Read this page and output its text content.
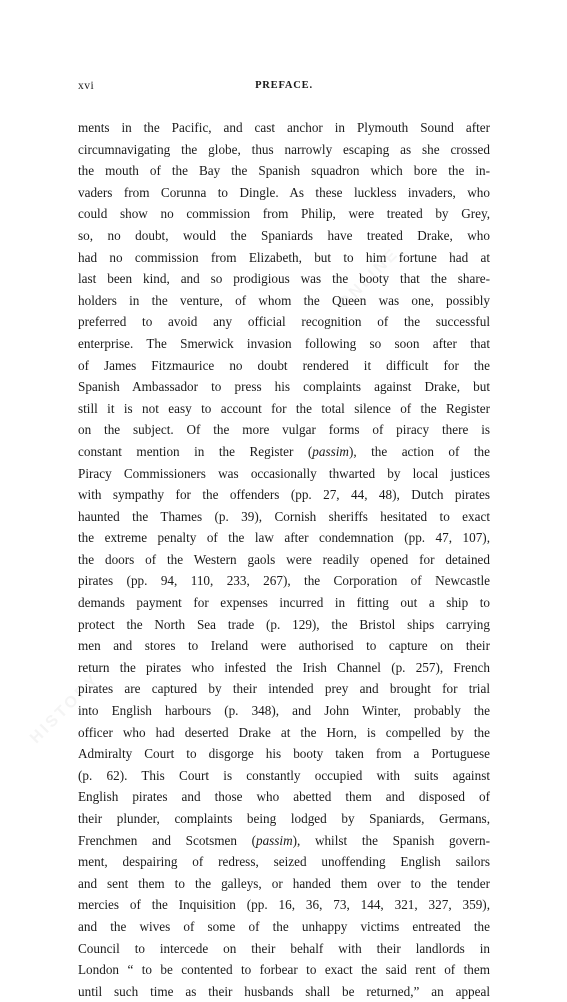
ONLINE
HISTORY
xvi	PREFACE.
ments in the Pacific, and cast anchor in Plymouth Sound after
circumnavigating the globe, thus narrowly escaping as she crossed
the mouth of the Bay the Spanish squadron which bore the in-
vaders from Corunna to Dingle. As these luckless invaders, who
could show no commission from Philip, were treated by Grey,
so, no doubt, would the Spaniards have treated Drake, who
had no commission from Elizabeth, but to him fortune had at
last been kind, and so prodigious was the booty that the share-
holders in the venture, of whom the Queen was one, possibly
preferred to avoid any official recognition of the successful
enterprise. The Smerwick invasion following so soon after that
of James Fitzmaurice no doubt rendered it difficult for the
Spanish Ambassador to press his complaints against Drake, but
still it is not easy to account for the total silence of the Register
on the subject. Of the more vulgar forms of piracy there is
constant mention in the Register (passim), the action of the
Piracy Commissioners was occasionally thwarted by local justices
with sympathy for the offenders (pp. 27, 44, 48), Dutch pirates
haunted the Thames (p. 39), Cornish sheriffs hesitated to exact
the extreme penalty of the law after condemnation (pp. 47, 107),
the doors of the Western gaols were readily opened for detained
pirates (pp. 94, 110, 233, 267), the Corporation of Newcastle
demands payment for expenses incurred in fitting out a ship to
protect the North Sea trade (p. 129), the Bristol ships carrying
men and stores to Ireland were authorised to capture on their
return the pirates who infested the Irish Channel (p. 257), French
pirates are captured by their intended prey and brought for trial
into English harbours (p. 348), and John Winter, probably the
officer who had deserted Drake at the Horn, is compelled by the
Admiralty Court to disgorge his booty taken from a Portuguese
(p. 62). This Court is constantly occupied with suits against
English pirates and those who abetted them and disposed of
their plunder, complaints being lodged by Spaniards, Germans,
Frenchmen and Scotsmen (passim), whilst the Spanish govern-
ment, despairing of redress, seized unoffending English sailors
and sent them to the galleys, or handed them over to the tender
mercies of the Inquisition (pp. 16, 36, 73, 144, 321, 327, 359),
and the wives of some of the unhappy victims entreated the
Council to intercede on their behalf with their landlords in
London “ to be contented to forbear to exact the said rent of them
until such time as their husbands shall be returned,” an appeal
